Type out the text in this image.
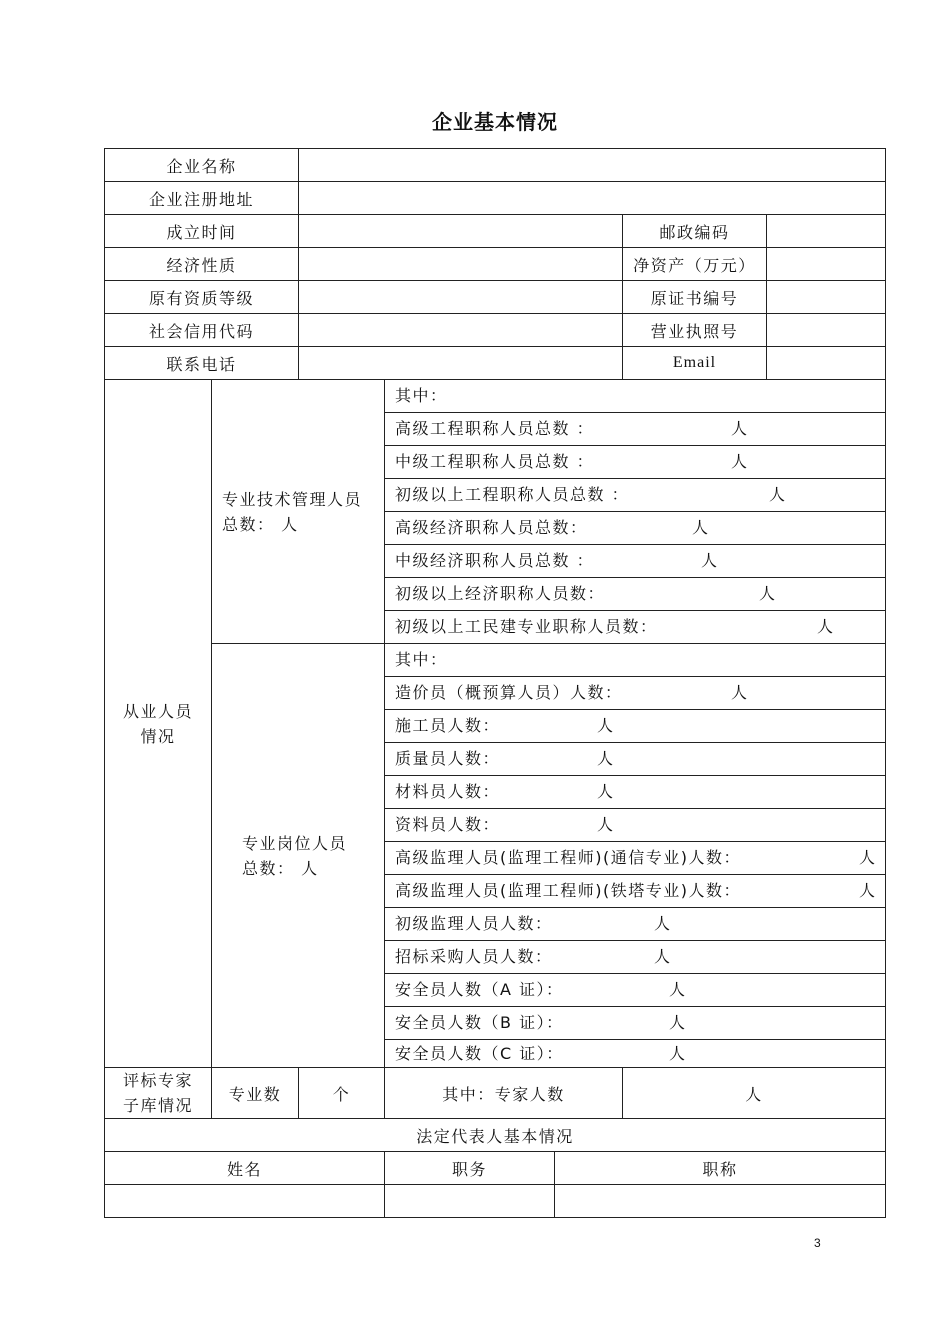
企业基本情况
企业名称						
企业注册地址						
成立时间					邮政编码	
经济性质					净资产（万元）	
原有资质等级					原证书编号	
社会信用代码					营业执照号	
联系电话					Email	

从业人员情况	专业技术管理人员总数： 人		其中：			

			高级工程职称人员总数 ： 人			

			中级工程职称人员总数 ： 人			

			初级以上工程职称人员总数 ： 人			

			高级经济职称人员总数： 人			

			中级经济职称人员总数 ： 人			

			初级以上经济职称人员数： 人			

			初级以上工民建专业职称人员数： 人			

	专业岗位人员总数： 人		其中：			

			造价员（概预算人员）人数： 人			

			施工员人数： 人			

			质量员人数： 人			

			材料员人数： 人			

			资料员人数： 人			

			高级监理人员(监理工程师)(通信专业)人数： 人			

			高级监理人员(监理工程师)(铁塔专业)人数： 人			

			初级监理人员人数： 人			

			招标采购人员人数： 人			

			安全员人数（A 证）： 人			

			安全员人数（B 证）： 人			

			安全员人数（C 证）： 人			

评标专家子库情况	专业数	个	其中：专家人数		人	
法定代表人基本情况						
姓名			职务	职称		

3
